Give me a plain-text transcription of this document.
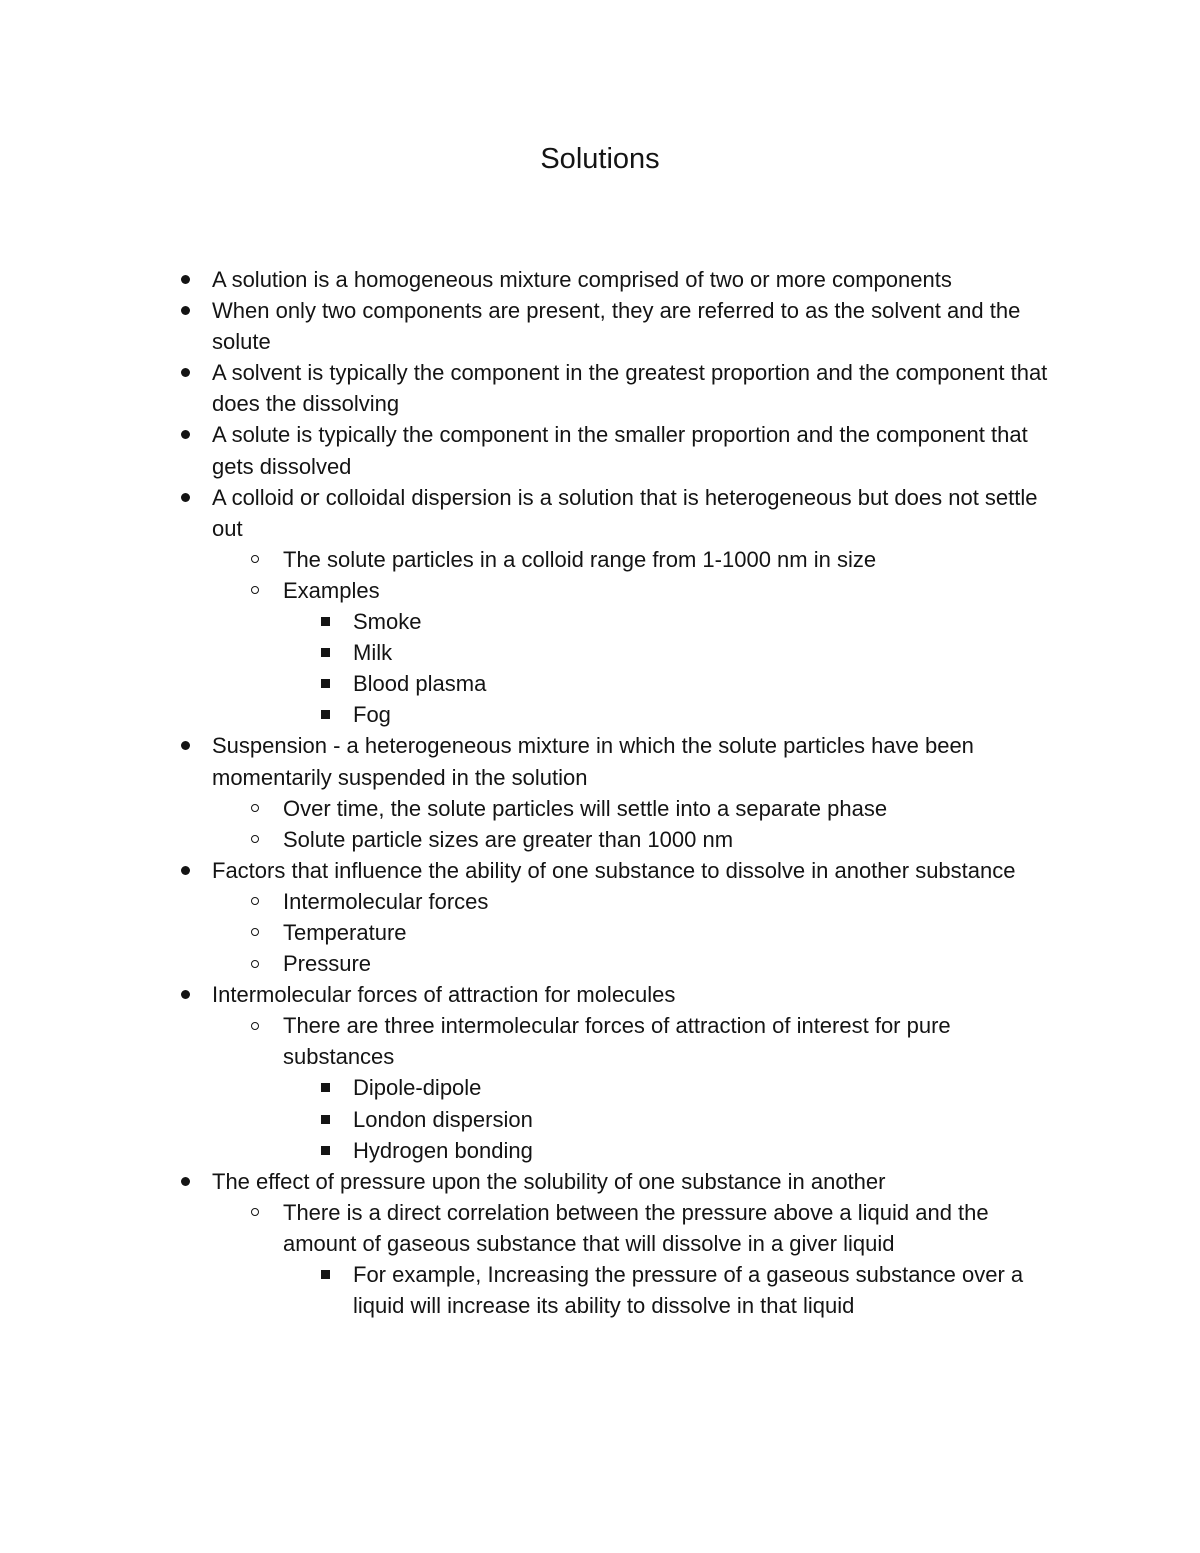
Solutions
A solution is a homogeneous mixture comprised of two or more components
When only two components are present, they are referred to as the solvent and the solute
A solvent is typically the component in the greatest proportion and the component that does the dissolving
A solute is typically the component in the smaller proportion and the component that gets dissolved
A colloid or colloidal dispersion is a solution that is heterogeneous but does not settle out
The solute particles in a colloid range from 1-1000 nm in size
Examples
Smoke
Milk
Blood plasma
Fog
Suspension - a heterogeneous mixture in which the solute particles have been momentarily suspended in the solution
Over time, the solute particles will settle into a separate phase
Solute particle sizes are greater than 1000 nm
Factors that influence the ability of one substance to dissolve in another substance
Intermolecular forces
Temperature
Pressure
Intermolecular forces of attraction for molecules
There are three intermolecular forces of attraction of interest for pure substances
Dipole-dipole
London dispersion
Hydrogen bonding
The effect of pressure upon the solubility of one substance in another
There is a direct correlation between the pressure above a liquid and the amount of gaseous substance that will dissolve in a giver liquid
For example, Increasing the pressure of a gaseous substance over a liquid will increase its ability to dissolve in that liquid
